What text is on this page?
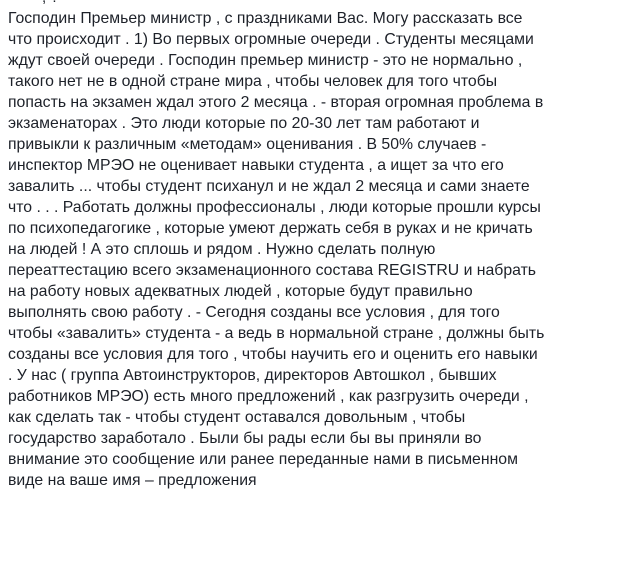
Господин Премьер министр , с праздниками Вас. Могу рассказать все
что происходит . 1) Во первых огромные очереди . Студенты месяцами
ждут своей очереди . Господин премьер министр - это не нормально ,
такого нет не в одной стране мира , чтобы человек для того чтобы
попасть на экзамен ждал этого 2 месяца . - вторая огромная проблема в
экзаменаторах . Это люди которые по 20-30 лет там работают и
привыкли к различным «методам» оценивания . В 50% случаев -
инспектор МРЭО не оценивает навыки студента , а ищет за что его
завалить ... чтобы студент психанул и не ждал 2 месяца и сами знаете
что . . . Работать должны профессионалы , люди которые прошли курсы
по психопедагогике , которые умеют держать себя в руках и не кричать
на людей ! А это сплошь и рядом . Нужно сделать полную
переаттестацию всего экзаменационного состава REGISTRU и набрать
на работу новых адекватных людей , которые будут правильно
выполнять свою работу . - Сегодня созданы все условия , для того
чтобы «завалить» студента - а ведь в нормальной стране , должны быть
созданы все условия для того , чтобы научить его и оценить его навыки
. У нас ( группа Автоинструкторов, директоров Автошкол , бывших
работников МРЭО) есть много предложений , как разгрузить очереди ,
как сделать так - чтобы студент оставался довольным , чтобы
государство заработало . Были бы рады если бы вы приняли во
внимание это сообщение или ранее переданные нами в письменном
виде на ваше имя – предложения
